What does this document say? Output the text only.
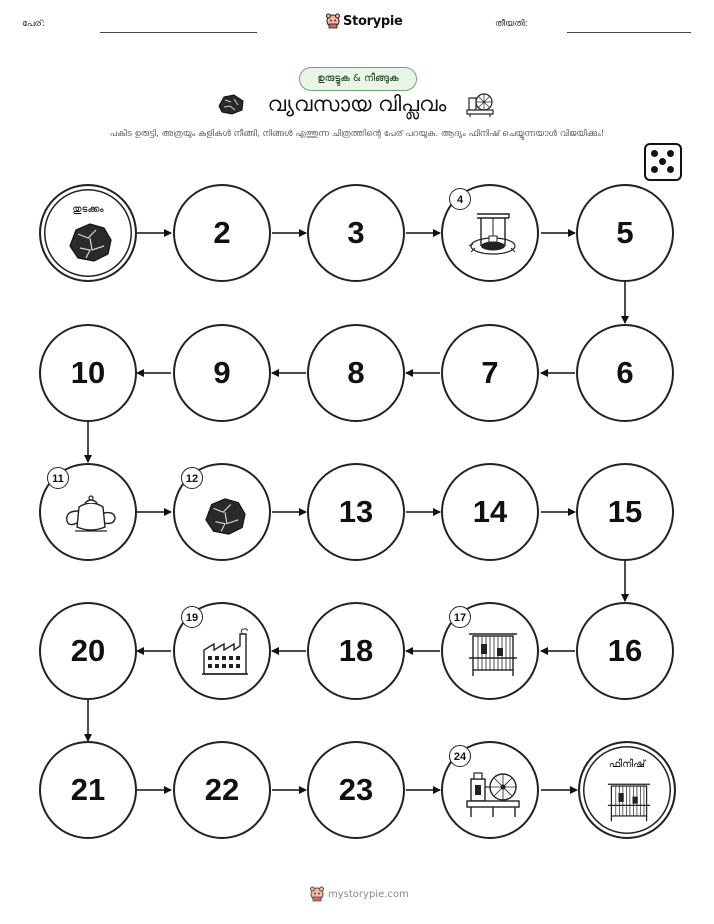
പേര്:	Storypie	തീയതി:
ഉരുട്ടുക & നീങ്ങുക
വ്യവസായ വിപ്ലവം
പകിട ഉരുട്ടി, അത്രയും കളികൾ നീങ്ങി, നിങ്ങൾ എത്തുന്ന ചിത്രത്തിന്റെ പേര് പറയുക. ആദ്യം ഫിനിഷ് ചെയ്യുന്നയാൾ വിജയിക്കും!
തുടക്കം
2	3
4
5
10	9	8	7	6
11	12
13	14	15
20
19
18
17
16
21	22	23
24
ഫിനിഷ്
mystorypie.com
